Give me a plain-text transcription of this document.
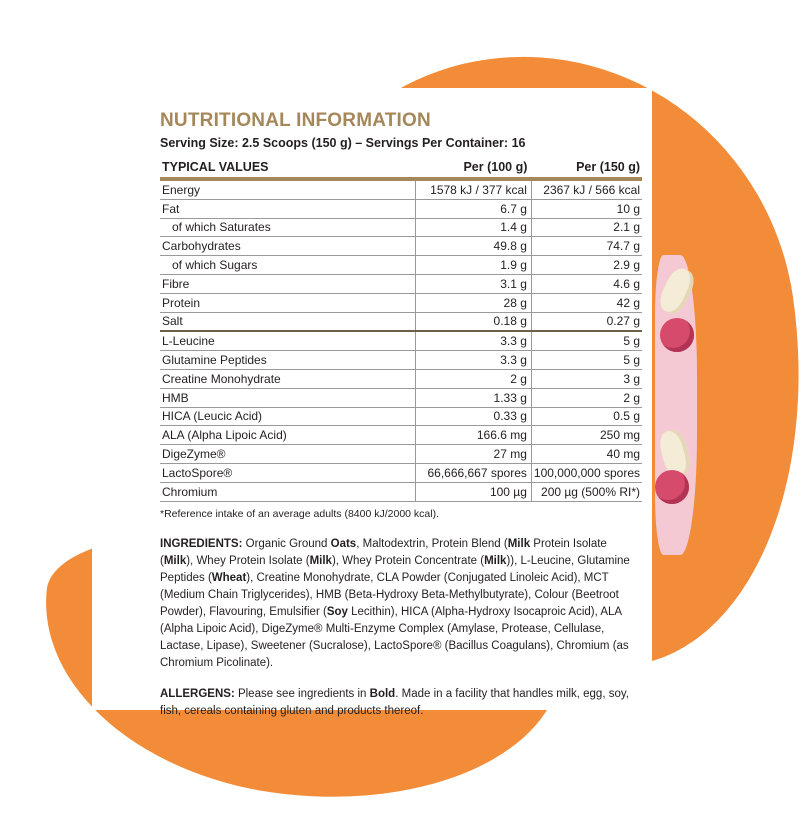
NUTRITIONAL INFORMATION
Serving Size: 2.5 Scoops (150 g) – Servings Per Container: 16
TYPICAL VALUES	Per (100 g)	Per (150 g)
Energy	1578 kJ / 377 kcal	2367 kJ / 566 kcal
Fat	6.7 g	10 g
of which Saturates	1.4 g	2.1 g
Carbohydrates	49.8 g	74.7 g
of which Sugars	1.9 g	2.9 g
Fibre	3.1 g	4.6 g
Protein	28 g	42 g
Salt	0.18 g	0.27 g
L-Leucine	3.3 g	5 g
Glutamine Peptides	3.3 g	5 g
Creatine Monohydrate	2 g	3 g
HMB	1.33 g	2 g
HICA (Leucic Acid)	0.33 g	0.5 g
ALA (Alpha Lipoic Acid)	166.6 mg	250 mg
DigeZyme®	27 mg	40 mg
LactoSpore®	66,666,667 spores	100,000,000 spores
Chromium	100 µg	200 µg (500% RI*)
*Reference intake of an average adults (8400 kJ/2000 kcal).
INGREDIENTS: Organic Ground Oats, Maltodextrin, Protein Blend (Milk Protein Isolate (Milk), Whey Protein Isolate (Milk), Whey Protein Concentrate (Milk)), L-Leucine, Glutamine Peptides (Wheat), Creatine Monohydrate, CLA Powder (Conjugated Linoleic Acid), MCT (Medium Chain Triglycerides), HMB (Beta-Hydroxy Beta-Methylbutyrate), Colour (Beetroot Powder), Flavouring, Emulsifier (Soy Lecithin), HICA (Alpha-Hydroxy Isocaproic Acid), ALA (Alpha Lipoic Acid), DigeZyme® Multi-Enzyme Complex (Amylase, Protease, Cellulase, Lactase, Lipase), Sweetener (Sucralose), LactoSpore® (Bacillus Coagulans), Chromium (as Chromium Picolinate).
ALLERGENS: Please see ingredients in Bold. Made in a facility that handles milk, egg, soy, fish, cereals containing gluten and products thereof.
